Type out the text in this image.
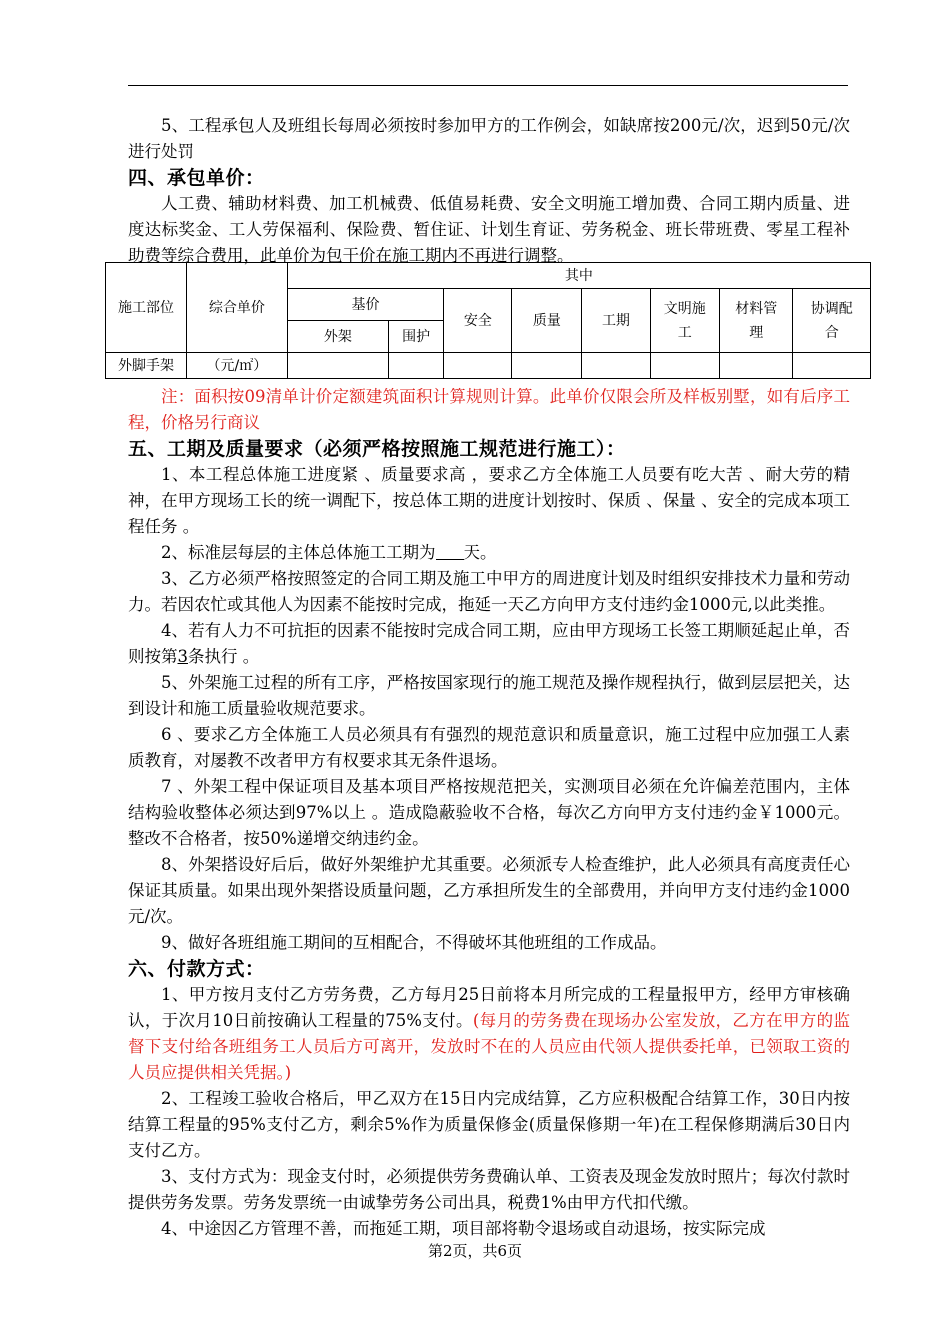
5、工程承包人及班组长每周必须按时参加甲方的工作例会，如缺席按200元/次，迟到50元/次进行处罚

四、承包单价：

人工费、辅助材料费、加工机械费、低值易耗费、安全文明施工增加费、合同工期内质量、进度达标奖金、工人劳保福利、保险费、暂住证、计划生育证、劳务税金、班长带班费、零星工程补助费等综合费用，此单价为包干价在施工期内不再进行调整。

施工部位	综合单价	其中							
		基价		安全	质量	工期	文明施工	材料管理	协调配合
		外架	围护						
外脚手架	（元/㎡）								

注：面积按09清单计价定额建筑面积计算规则计算。此单价仅限会所及样板别墅，如有后序工程，价格另行商议

五、工期及质量要求（必须严格按照施工规范进行施工）：

1、本工程总体施工进度紧 、质量要求高 ，要求乙方全体施工人员要有吃大苦 、耐大劳的精神，在甲方现场工长的统一调配下，按总体工期的进度计划按时、保质 、保量 、安全的完成本项工程任务 。

2、标准层每层的主体总体施工工期为 天。

3、乙方必须严格按照签定的合同工期及施工中甲方的周进度计划及时组织安排技术力量和劳动力。若因农忙或其他人为因素不能按时完成，拖延一天乙方向甲方支付违约金1000元,以此类推。

4、若有人力不可抗拒的因素不能按时完成合同工期，应由甲方现场工长签工期顺延起止单，否则按第3条执行 。

5、外架施工过程的所有工序，严格按国家现行的施工规范及操作规程执行，做到层层把关，达到设计和施工质量验收规范要求。

6 、要求乙方全体施工人员必须具有有强烈的规范意识和质量意识，施工过程中应加强工人素质教育，对屡教不改者甲方有权要求其无条件退场。

7 、外架工程中保证项目及基本项目严格按规范把关，实测项目必须在允许偏差范围内，主体结构验收整体必须达到97%以上 。造成隐蔽验收不合格，每次乙方向甲方支付违约金￥1000元。整改不合格者，按50%递增交纳违约金。

8、外架搭设好后后，做好外架维护尤其重要。必须派专人检查维护，此人必须具有高度责任心保证其质量。如果出现外架搭设质量问题，乙方承担所发生的全部费用，并向甲方支付违约金1000元/次。

9、做好各班组施工期间的互相配合，不得破坏其他班组的工作成品。

六、付款方式：

1、甲方按月支付乙方劳务费，乙方每月25日前将本月所完成的工程量报甲方，经甲方审核确认，于次月10日前按确认工程量的75%支付。(每月的劳务费在现场办公室发放，乙方在甲方的监督下支付给各班组务工人员后方可离开，发放时不在的人员应由代领人提供委托单，已领取工资的人员应提供相关凭据。)

2、工程竣工验收合格后，甲乙双方在15日内完成结算，乙方应积极配合结算工作，30日内按结算工程量的95%支付乙方，剩余5%作为质量保修金(质量保修期一年)在工程保修期满后30日内支付乙方。

3、支付方式为：现金支付时，必须提供劳务费确认单、工资表及现金发放时照片；每次付款时提供劳务发票。劳务发票统一由诚挚劳务公司出具，税费1%由甲方代扣代缴。

4、中途因乙方管理不善，而拖延工期，项目部将勒令退场或自动退场，按实际完成

第2页，共6页
